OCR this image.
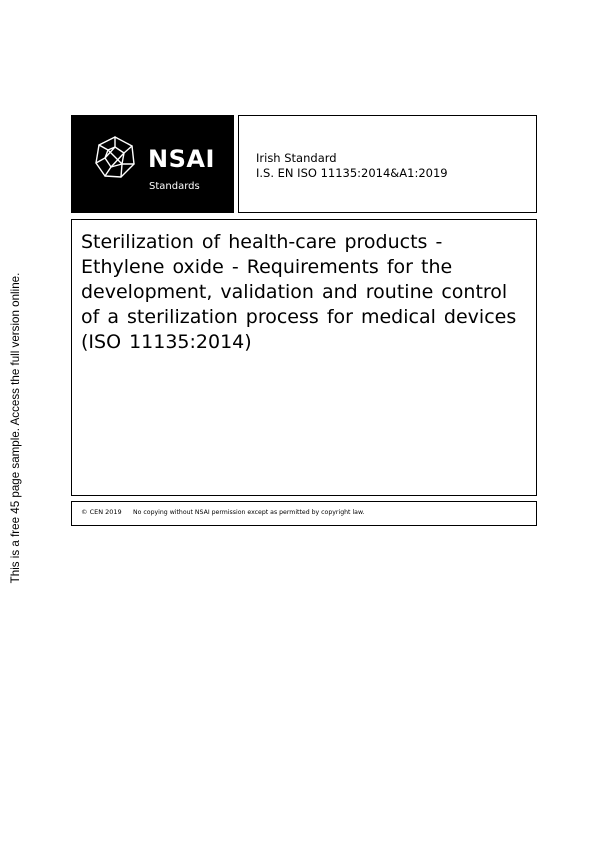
This is a free 45 page sample. Access the full version online.
NSAI
Standards
Irish Standard
I.S. EN ISO 11135:2014&A1:2019
Sterilization of health-care products - Ethylene oxide - Requirements for the development, validation and routine control of a sterilization process for medical devices (ISO 11135:2014)
© CEN 2019 No copying without NSAI permission except as permitted by copyright law.
